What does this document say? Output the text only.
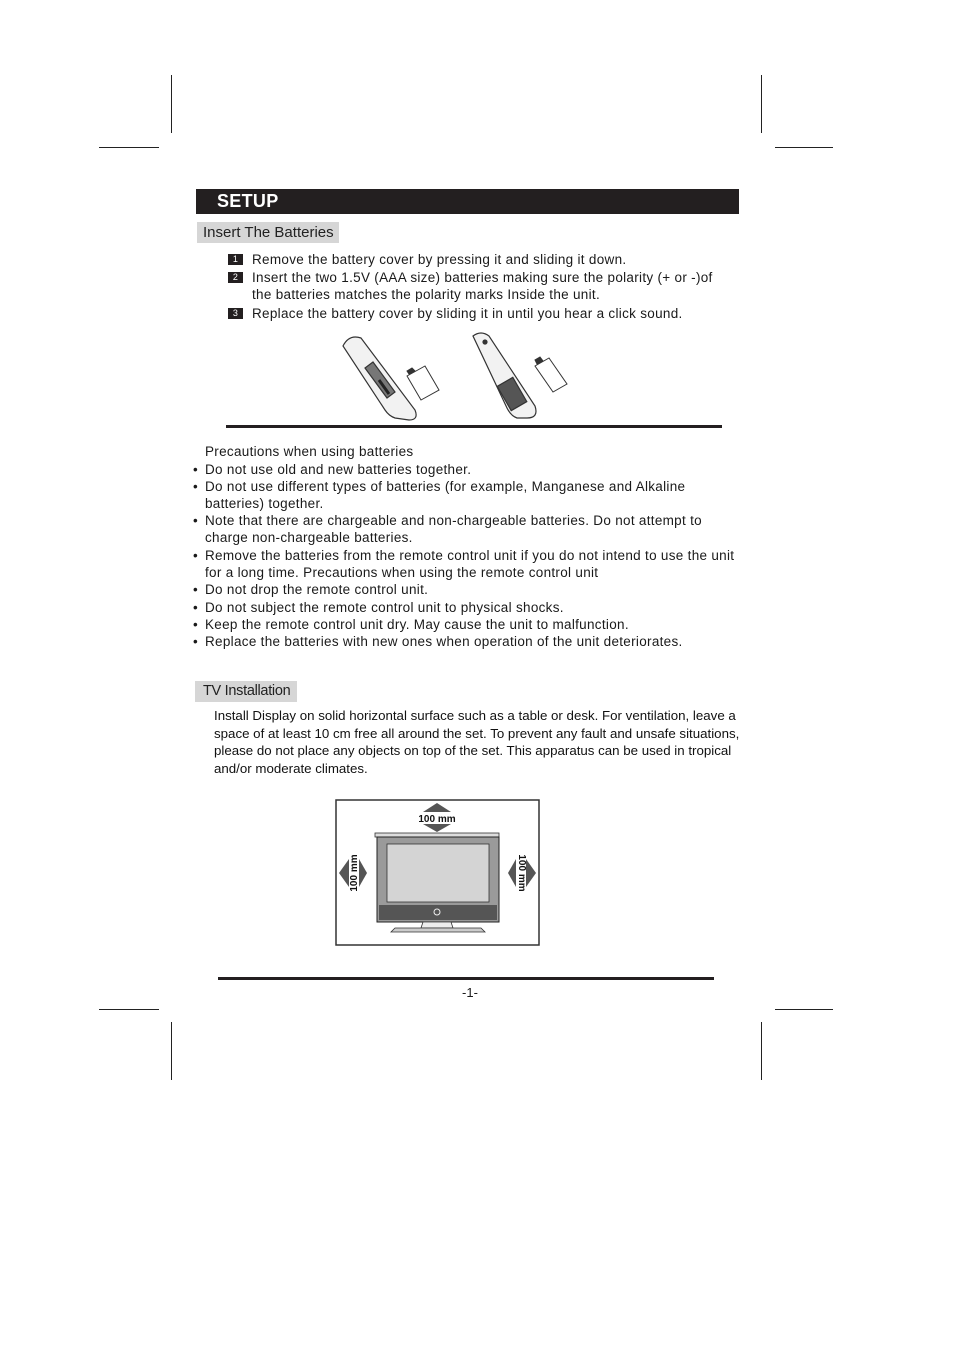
SETUP
Insert The Batteries
1	Remove the battery cover by pressing it and sliding it down.
2	Insert the two 1.5V (AAA size) batteries making sure the polarity (+ or -)of the batteries matches the polarity marks Inside the unit.
3	Replace the battery cover by sliding it in until you hear a click sound.
Precautions when using batteries
• Do not use old and new batteries together.
• Do not use different types of batteries (for example, Manganese and Alkaline batteries) together.
• Note that there are chargeable and non-chargeable batteries. Do not attempt to charge non-chargeable batteries.
• Remove the batteries from the remote control unit if you do not intend to use the unit for a long time. Precautions when using the remote control unit
• Do not drop the remote control unit.
• Do not subject the remote control unit to physical shocks.
• Keep the remote control unit dry. May cause the unit to malfunction.
• Replace the batteries with new ones when operation of the unit deteriorates.
TV Installation
Install Display on solid horizontal surface such as a table or desk. For ventilation, leave a space of at least 10 cm free all around the set. To prevent any fault and unsafe situations, please do not place any objects on top of the set. This apparatus can be used in tropical and/or moderate climates.
100 mm
100 mm	100 mm
-1-
